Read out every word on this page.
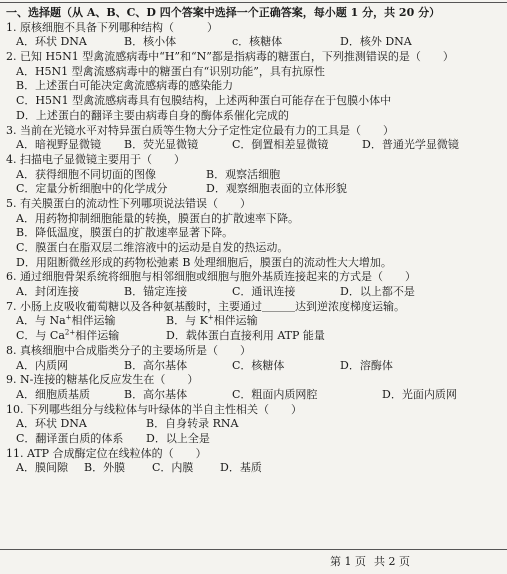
一、选择题（从 A、B、C、D 四个答案中选择一个正确答案，每小题 1 分，共 20 分）
1. 原核细胞不具备下列哪种结构（　　　）
A．环状 DNA	B．核小体	c．核糖体	D．核外 DNA
2. 已知 H5N1 型禽流感病毒中“H”和“N”都是指病毒的糖蛋白，下列推测错误的是（　　）
A．H5N1 型禽流感病毒中的糖蛋白有“识别功能”，具有抗原性
B．上述蛋白可能决定禽流感病毒的感染能力
C．H5N1 型禽流感病毒具有包膜结构，上述两种蛋白可能存在于包膜小体中
D．上述蛋白的翻译主要由病毒自身的酶体系催化完成的
3. 当前在光镜水平对特异蛋白质等生物大分子定性定位最有力的工具是（　　）
A．暗视野显微镜 B．荧光显微镜	C．倒置相差显微镜	D．普通光学显微镜
4. 扫描电子显微镜主要用于（　　）
A．获得细胞不同切面的图像	B．观察活细胞
C．定量分析细胞中的化学成分	D．观察细胞表面的立体形貌
5. 有关膜蛋白的流动性下列哪项说法错误（　　）
A．用药物抑制细胞能量的转换，膜蛋白的扩散速率下降。
B．降低温度，膜蛋白的扩散速率显著下降。
C．膜蛋白在脂双层二维溶液中的运动是自发的热运动。
D．用阻断微丝形成的药物松弛素 B 处理细胞后，膜蛋白的流动性大大增加。
6. 通过细胞骨架系统将细胞与相邻细胞或细胞与胞外基质连接起来的方式是（　　）
A．封闭连接	B．锚定连接	C．通讯连接	D．以上都不是
7. 小肠上皮吸收葡萄糖以及各种氨基酸时，主要通过＿＿＿达到逆浓度梯度运输。
A．与 Na+相伴运输	B．与 K+相伴运输
C．与 $Ca^{2+}$相伴运输	D．载体蛋白直接利用 ATP 能量
8. 真核细胞中合成脂类分子的主要场所是（　　）
A．内质网	B．高尔基体	C．核糖体	D．溶酶体
9. N-连接的糖基化反应发生在（　　）
A．细胞质基质	B．高尔基体	C．粗面内质网腔	D．光面内质网
10. 下列哪些组分与线粒体与叶绿体的半自主性相关（　　）
A．环状 DNA	B．自身转录 RNA
C．翻译蛋白质的体系 D．以上全是
11. ATP 合成酶定位在线粒体的（　　）
A．膜间隙 B．外膜 C．内膜 D．基质
第 1 页 共 2 页
